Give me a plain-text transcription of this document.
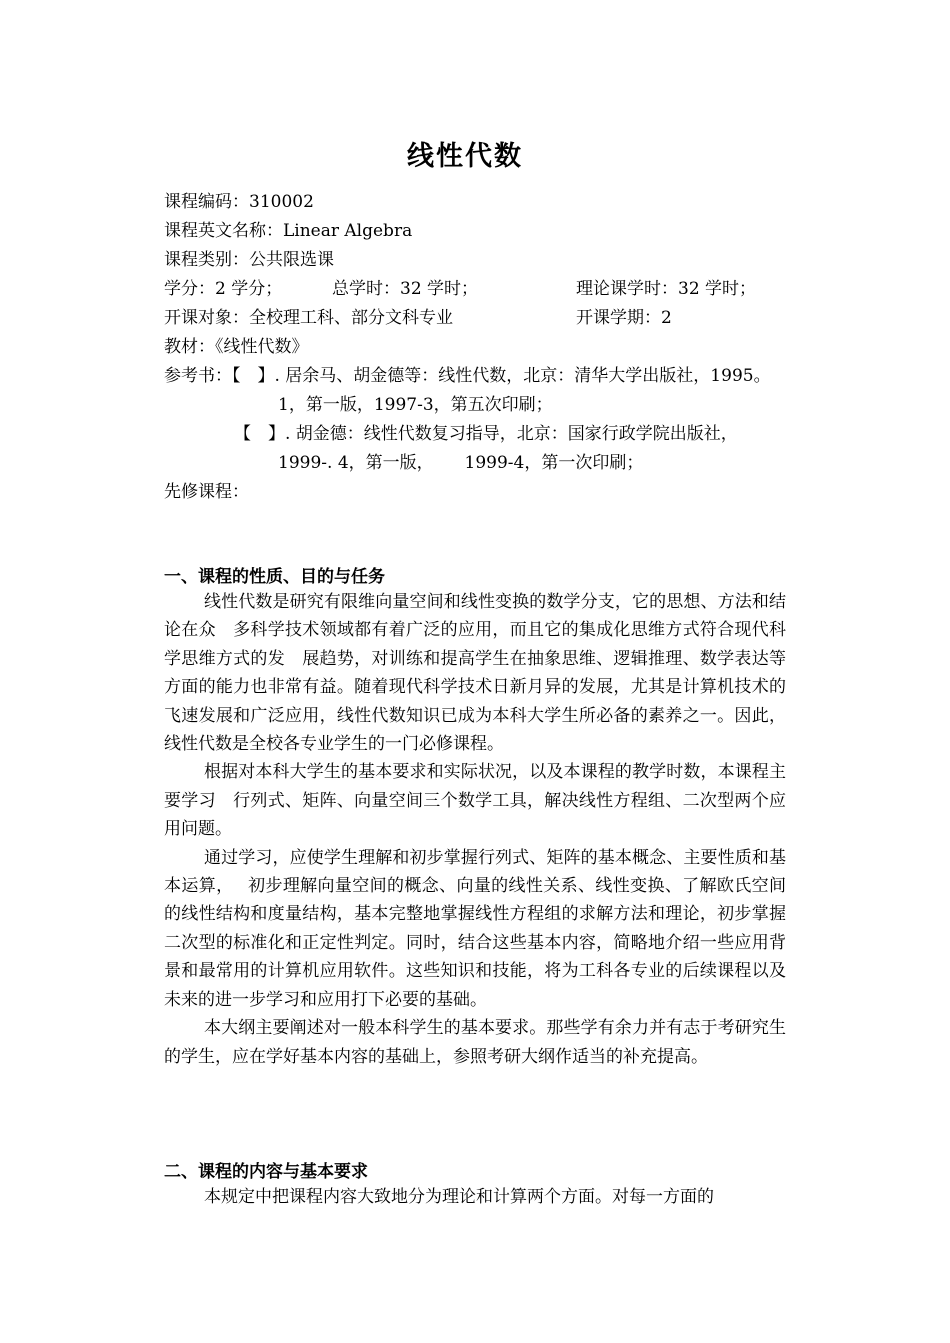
线性代数
课程编码：310002
课程英文名称：Linear Algebra
课程类别：公共限选课
学分：2 学分；	总学时：32 学时；	理论课学时：32 学时；
开课对象：全校理工科、部分文科专业	开课学期：2
教材：《线性代数》
参考书：【　】. 居余马、胡金德等：线性代数，北京：清华大学出版社，1995。
1，第一版，1997-3，第五次印刷；
【　】. 胡金德：线性代数复习指导，北京：国家行政学院出版社，
1999-. 4，第一版，　　 1999-4，第一次印刷；
先修课程：
一、课程的性质、目的与任务

线性代数是研究有限维向量空间和线性变换的数学分支，它的思想、方法和结论在众　多科学技术领域都有着广泛的应用，而且它的集成化思维方式符合现代科学思维方式的发　展趋势，对训练和提高学生在抽象思维、逻辑推理、数学表达等方面的能力也非常有益。随着现代科学技术日新月异的发展，尤其是计算机技术的飞速发展和广泛应用，线性代数知识已成为本科大学生所必备的素养之一。因此，线性代数是全校各专业学生的一门必修课程。

根据对本科大学生的基本要求和实际状况，以及本课程的教学时数，本课程主要学习　行列式、矩阵、向量空间三个数学工具，解决线性方程组、二次型两个应用问题。

通过学习，应使学生理解和初步掌握行列式、矩阵的基本概念、主要性质和基本运算，　 初步理解向量空间的概念、向量的线性关系、线性变换、了解欧氏空间的线性结构和度量结构，基本完整地掌握线性方程组的求解方法和理论，初步掌握二次型的标准化和正定性判定。同时，结合这些基本内容，简略地介绍一些应用背景和最常用的计算机应用软件。这些知识和技能，将为工科各专业的后续课程以及未来的进一步学习和应用打下必要的基础。

本大纲主要阐述对一般本科学生的基本要求。那些学有余力并有志于考研究生的学生，应在学好基本内容的基础上，参照考研大纲作适当的补充提高。

二、课程的内容与基本要求

本规定中把课程内容大致地分为理论和计算两个方面。对每一方面的
